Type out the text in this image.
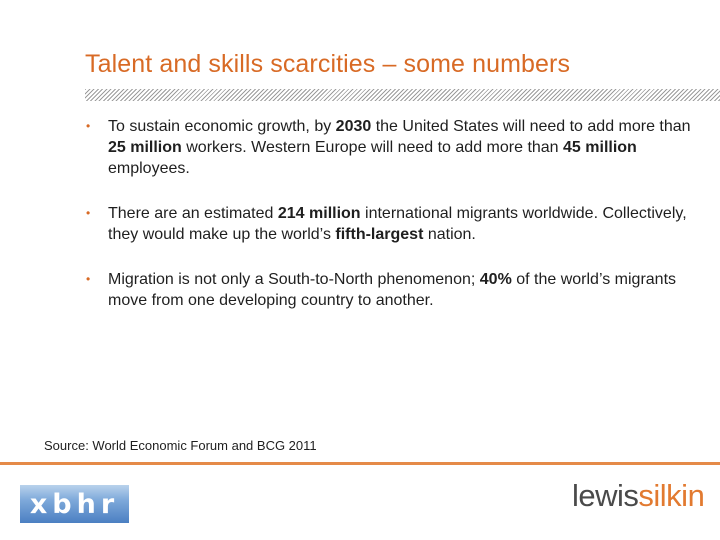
Talent and skills scarcities – some numbers
• To sustain economic growth, by 2030 the United States will need to add more than 25 million workers. Western Europe will need to add more than 45 million employees.
• There are an estimated 214 million international migrants worldwide. Collectively, they would make up the world’s fifth-largest nation.
• Migration is not only a South-to-North phenomenon; 40% of the world’s migrants move from one developing country to another.
Source: World Economic Forum and BCG 2011
xbhr	lewissilkin
